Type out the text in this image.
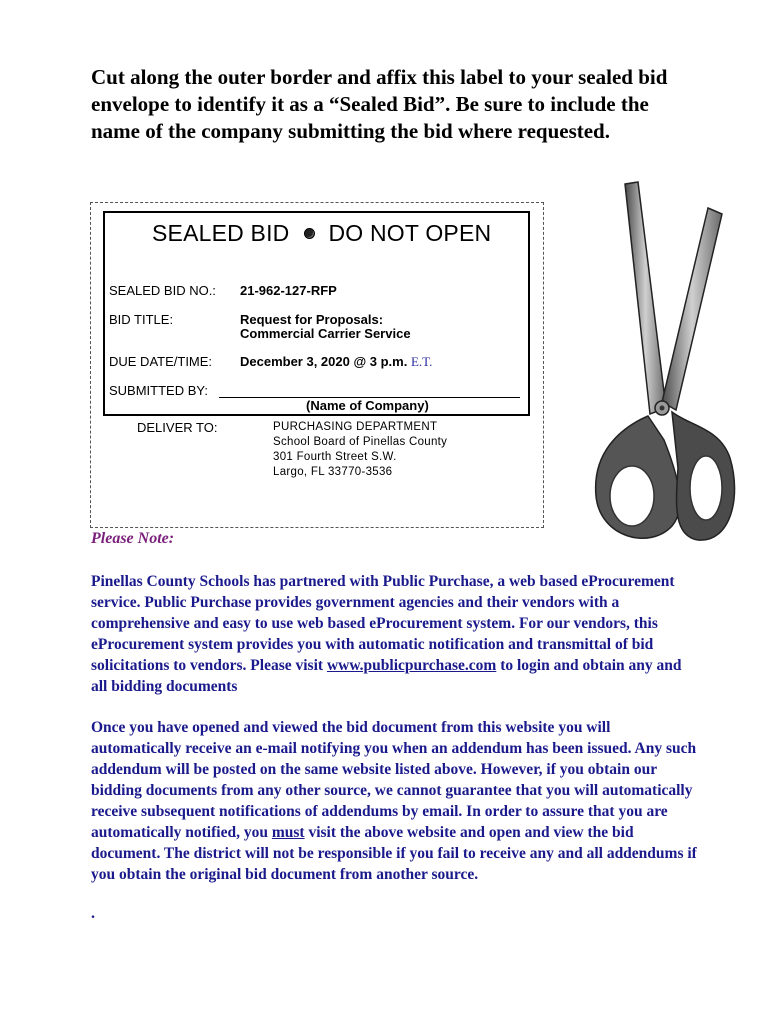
Cut along the outer border and affix this label to your sealed bid envelope to identify it as a “Sealed Bid”. Be sure to include the name of the company submitting the bid where requested.

SEALED BID DO NOT OPEN
SEALED BID NO.: 21-962-127-RFP
BID TITLE:	Request for Proposals:
Commercial Carrier Service
DUE DATE/TIME: December 3, 2020 @ 3 p.m. E.T.
SUBMITTED BY:
(Name of Company)
DELIVER TO:	PURCHASING DEPARTMENT
School Board of Pinellas County
301 Fourth Street S.W.
Largo, FL 33770-3536
Please Note:

Pinellas County Schools has partnered with Public Purchase, a web based eProcurement service. Public Purchase provides government agencies and their vendors with a comprehensive and easy to use web based eProcurement system. For our vendors, this eProcurement system provides you with automatic notification and transmittal of bid solicitations to vendors. Please visit www.publicpurchase.com to login and obtain any and all bidding documents

Once you have opened and viewed the bid document from this website you will automatically receive an e-mail notifying you when an addendum has been issued. Any such addendum will be posted on the same website listed above. However, if you obtain our bidding documents from any other source, we cannot guarantee that you will automatically receive subsequent notifications of addendums by email. In order to assure that you are automatically notified, you must visit the above website and open and view the bid document. The district will not be responsible if you fail to receive any and all addendums if you obtain the original bid document from another source.

.
